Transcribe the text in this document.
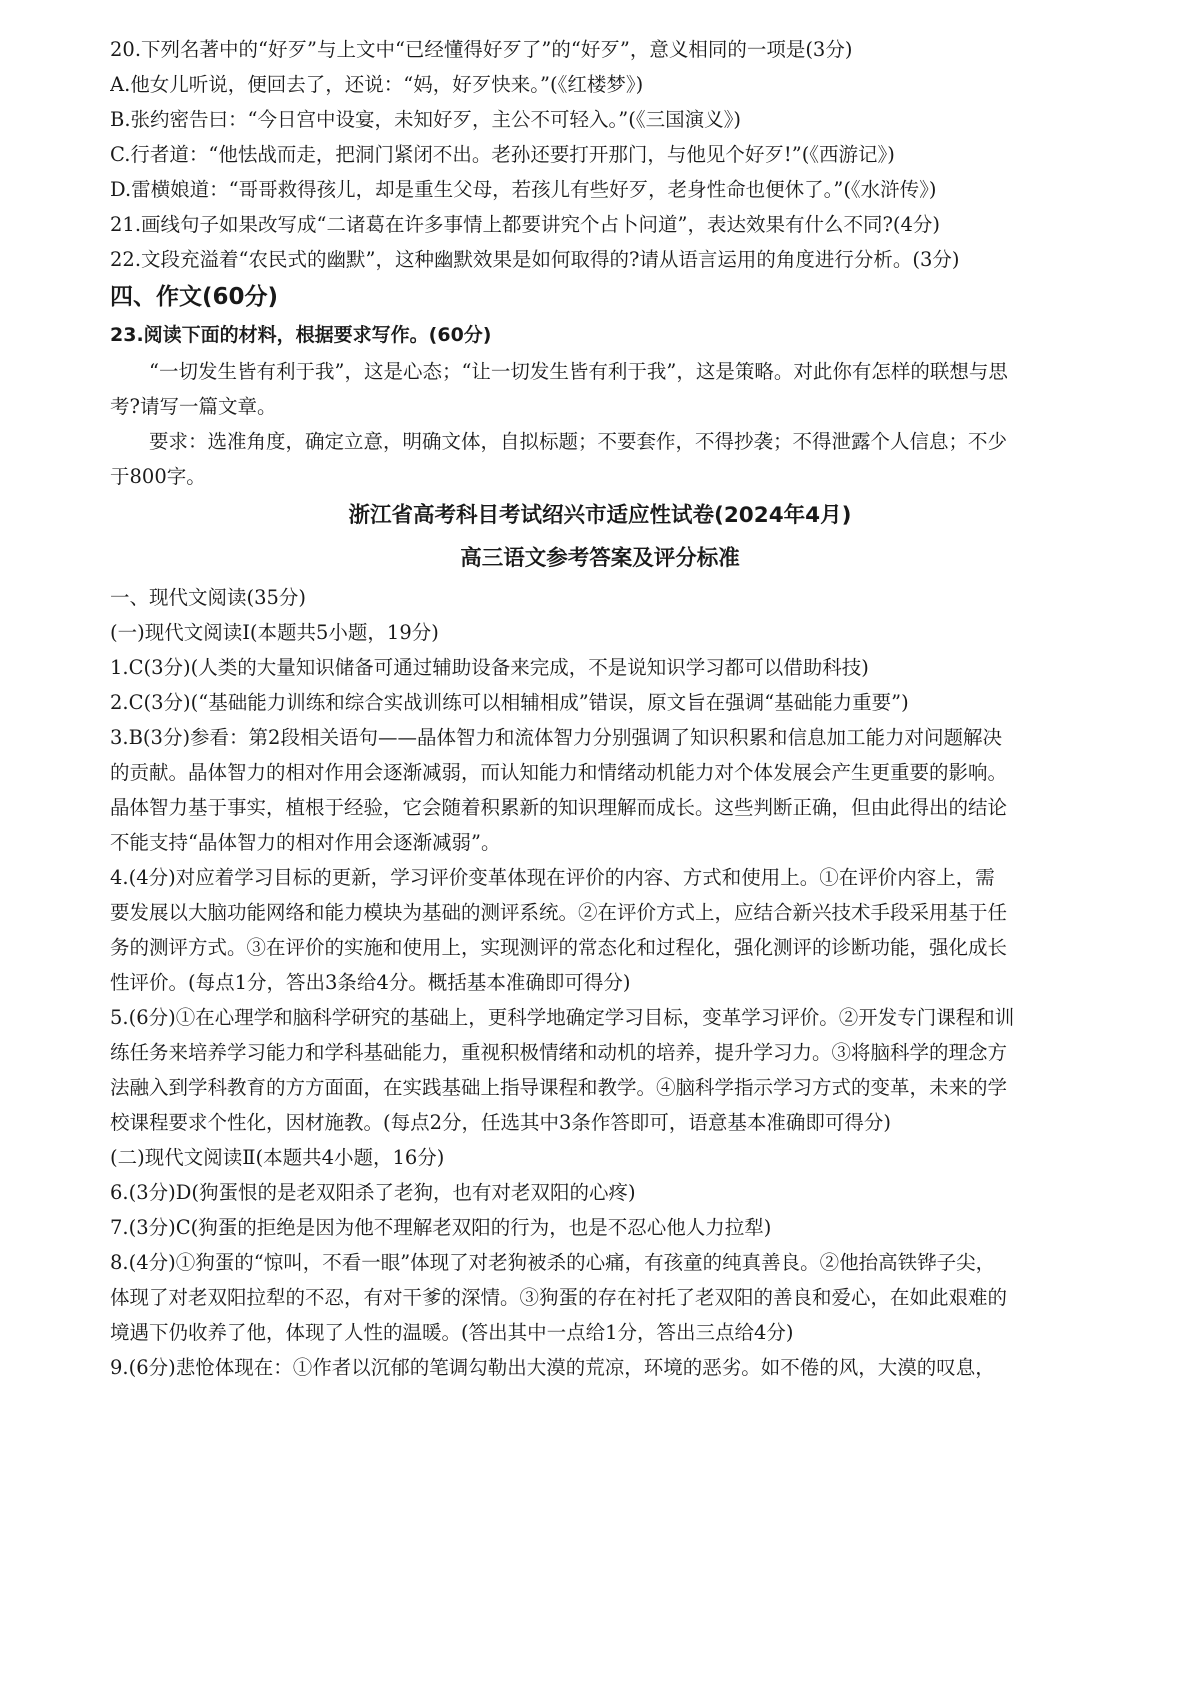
20.下列名著中的“好歹”与上文中“已经懂得好歹了”的“好歹”，意义相同的一项是(3分)
A.他女儿听说，便回去了，还说：“妈，好歹快来。”(《红楼梦》)
B.张约密告曰：“今日宫中设宴，未知好歹，主公不可轻入。”(《三国演义》)
C.行者道：“他怯战而走，把洞门紧闭不出。老孙还要打开那门，与他见个好歹!”(《西游记》)
D.雷横娘道：“哥哥救得孩儿，却是重生父母，若孩儿有些好歹，老身性命也便休了。”(《水浒传》)
21.画线句子如果改写成“二诸葛在许多事情上都要讲究个占卜问道”，表达效果有什么不同?(4分)
22.文段充溢着“农民式的幽默”，这种幽默效果是如何取得的?请从语言运用的角度进行分析。(3分)
四、作文(60分)
23.阅读下面的材料，根据要求写作。(60分)
“一切发生皆有利于我”，这是心态；“让一切发生皆有利于我”，这是策略。对此你有怎样的联想与思
考?请写一篇文章。
要求：选准角度，确定立意，明确文体，自拟标题；不要套作，不得抄袭；不得泄露个人信息；不少
于800字。
浙江省高考科目考试绍兴市适应性试卷(2024年4月)
高三语文参考答案及评分标准
一、现代文阅读(35分)
(一)现代文阅读Ⅰ(本题共5小题，19分)
1.C(3分)(人类的大量知识储备可通过辅助设备来完成，不是说知识学习都可以借助科技)
2.C(3分)(“基础能力训练和综合实战训练可以相辅相成”错误，原文旨在强调“基础能力重要”)
3.B(3分)参看：第2段相关语句——晶体智力和流体智力分别强调了知识积累和信息加工能力对问题解决
的贡献。晶体智力的相对作用会逐渐减弱，而认知能力和情绪动机能力对个体发展会产生更重要的影响。
晶体智力基于事实，植根于经验，它会随着积累新的知识理解而成长。这些判断正确，但由此得出的结论
不能支持“晶体智力的相对作用会逐渐减弱”。
4.(4分)对应着学习目标的更新，学习评价变革体现在评价的内容、方式和使用上。①在评价内容上，需
要发展以大脑功能网络和能力模块为基础的测评系统。②在评价方式上，应结合新兴技术手段采用基于任
务的测评方式。③在评价的实施和使用上，实现测评的常态化和过程化，强化测评的诊断功能，强化成长
性评价。(每点1分，答出3条给4分。概括基本准确即可得分)
5.(6分)①在心理学和脑科学研究的基础上，更科学地确定学习目标，变革学习评价。②开发专门课程和训
练任务来培养学习能力和学科基础能力，重视积极情绪和动机的培养，提升学习力。③将脑科学的理念方
法融入到学科教育的方方面面，在实践基础上指导课程和教学。④脑科学指示学习方式的变革，未来的学
校课程要求个性化，因材施教。(每点2分，任选其中3条作答即可，语意基本准确即可得分)
(二)现代文阅读Ⅱ(本题共4小题，16分)
6.(3分)D(狗蛋恨的是老双阳杀了老狗，也有对老双阳的心疼)
7.(3分)C(狗蛋的拒绝是因为他不理解老双阳的行为，也是不忍心他人力拉犁)
8.(4分)①狗蛋的“惊叫，不看一眼”体现了对老狗被杀的心痛，有孩童的纯真善良。②他抬高铁铧子尖，
体现了对老双阳拉犁的不忍，有对干爹的深情。③狗蛋的存在衬托了老双阳的善良和爱心，在如此艰难的
境遇下仍收养了他，体现了人性的温暖。(答出其中一点给1分，答出三点给4分)
9.(6分)悲怆体现在：①作者以沉郁的笔调勾勒出大漠的荒凉，环境的恶劣。如不倦的风，大漠的叹息，
